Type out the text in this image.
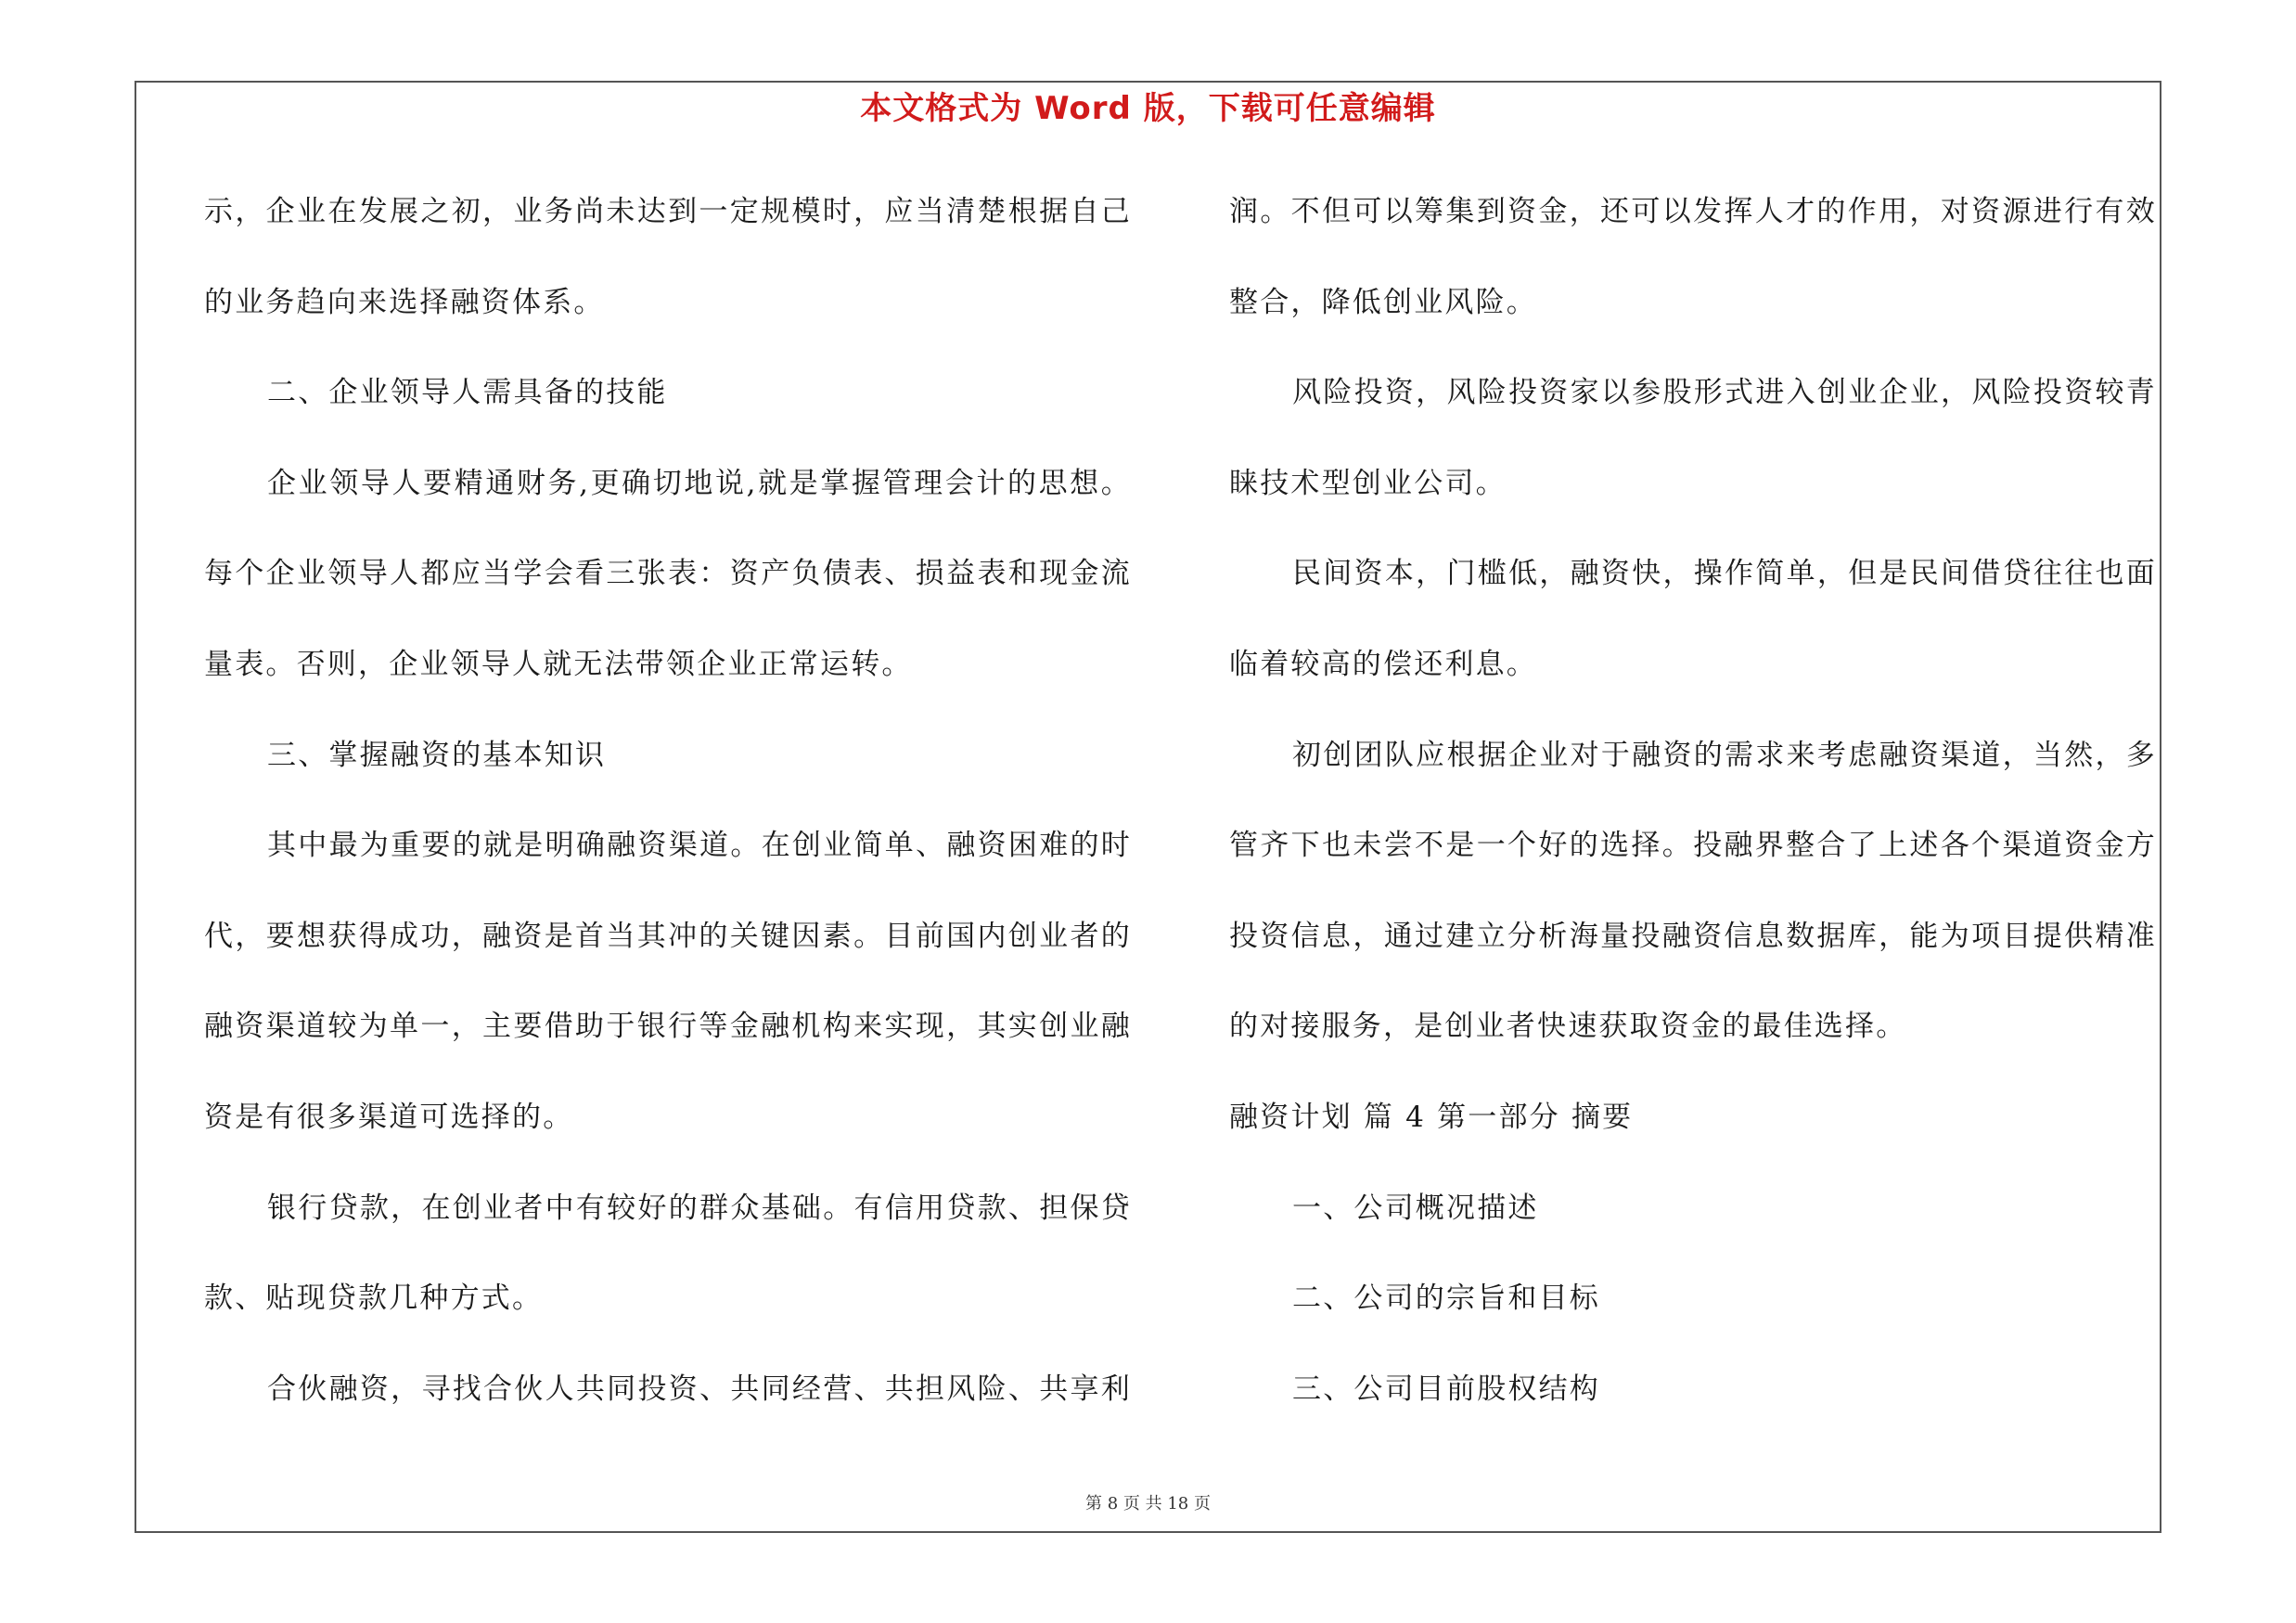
本文格式为 Word 版，下载可任意编辑
示，企业在发展之初，业务尚未达到一定规模时，应当清楚根据自己
的业务趋向来选择融资体系。
二、企业领导人需具备的技能
企业领导人要精通财务,更确切地说,就是掌握管理会计的思想。
每个企业领导人都应当学会看三张表：资产负债表、损益表和现金流
量表。否则，企业领导人就无法带领企业正常运转。
三、掌握融资的基本知识
其中最为重要的就是明确融资渠道。在创业简单、融资困难的时
代，要想获得成功，融资是首当其冲的关键因素。目前国内创业者的
融资渠道较为单一，主要借助于银行等金融机构来实现，其实创业融
资是有很多渠道可选择的。
银行贷款，在创业者中有较好的群众基础。有信用贷款、担保贷
款、贴现贷款几种方式。
合伙融资，寻找合伙人共同投资、共同经营、共担风险、共享利
润。不但可以筹集到资金，还可以发挥人才的作用，对资源进行有效
整合，降低创业风险。
风险投资，风险投资家以参股形式进入创业企业，风险投资较青
睐技术型创业公司。
民间资本，门槛低，融资快，操作简单，但是民间借贷往往也面
临着较高的偿还利息。
初创团队应根据企业对于融资的需求来考虑融资渠道，当然，多
管齐下也未尝不是一个好的选择。投融界整合了上述各个渠道资金方
投资信息，通过建立分析海量投融资信息数据库，能为项目提供精准
的对接服务，是创业者快速获取资金的最佳选择。
融资计划 篇 4 第一部分 摘要
一、公司概况描述
二、公司的宗旨和目标
三、公司目前股权结构
第 8 页 共 18 页
